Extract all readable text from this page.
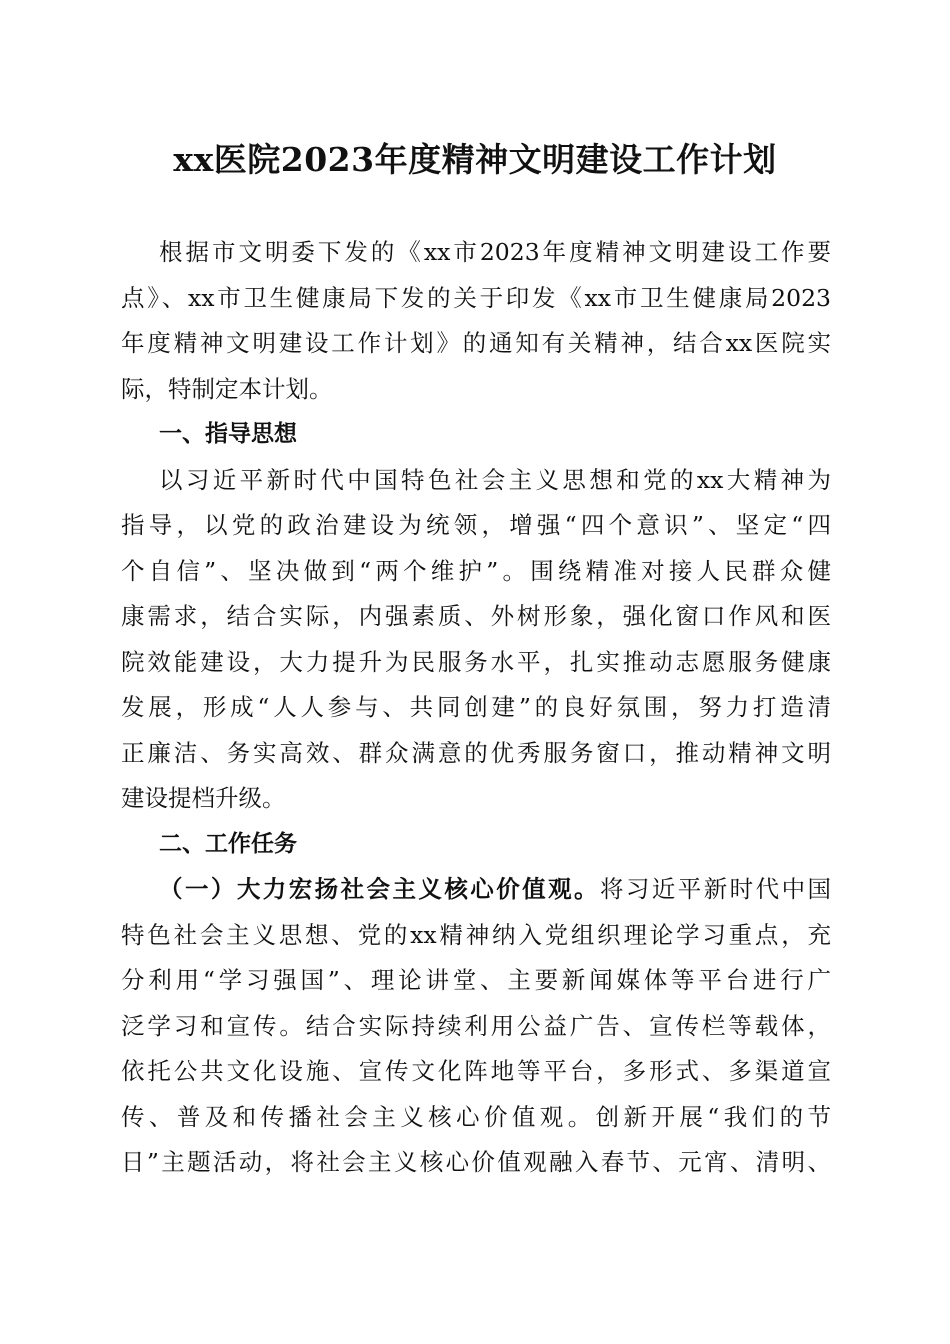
xx医院2023年度精神文明建设工作计划
根据市文明委下发的《xx市2023年度精神文明建设工作要
点》、xx市卫生健康局下发的关于印发《xx市卫生健康局2023
年度精神文明建设工作计划》的通知有关精神，结合xx医院实
际，特制定本计划。
一、指导思想
以习近平新时代中国特色社会主义思想和党的xx大精神为
指导，以党的政治建设为统领，增强“四个意识”、坚定“四
个自信”、坚决做到“两个维护”。围绕精准对接人民群众健
康需求，结合实际，内强素质、外树形象，强化窗口作风和医
院效能建设，大力提升为民服务水平，扎实推动志愿服务健康
发展，形成“人人参与、共同创建”的良好氛围，努力打造清
正廉洁、务实高效、群众满意的优秀服务窗口，推动精神文明
建设提档升级。
二、工作任务
（一）大力宏扬社会主义核心价值观。将习近平新时代中国
特色社会主义思想、党的xx精神纳入党组织理论学习重点，充
分利用“学习强国”、理论讲堂、主要新闻媒体等平台进行广
泛学习和宣传。结合实际持续利用公益广告、宣传栏等载体，
依托公共文化设施、宣传文化阵地等平台，多形式、多渠道宣
传、普及和传播社会主义核心价值观。创新开展“我们的节
日”主题活动，将社会主义核心价值观融入春节、元宵、清明、
